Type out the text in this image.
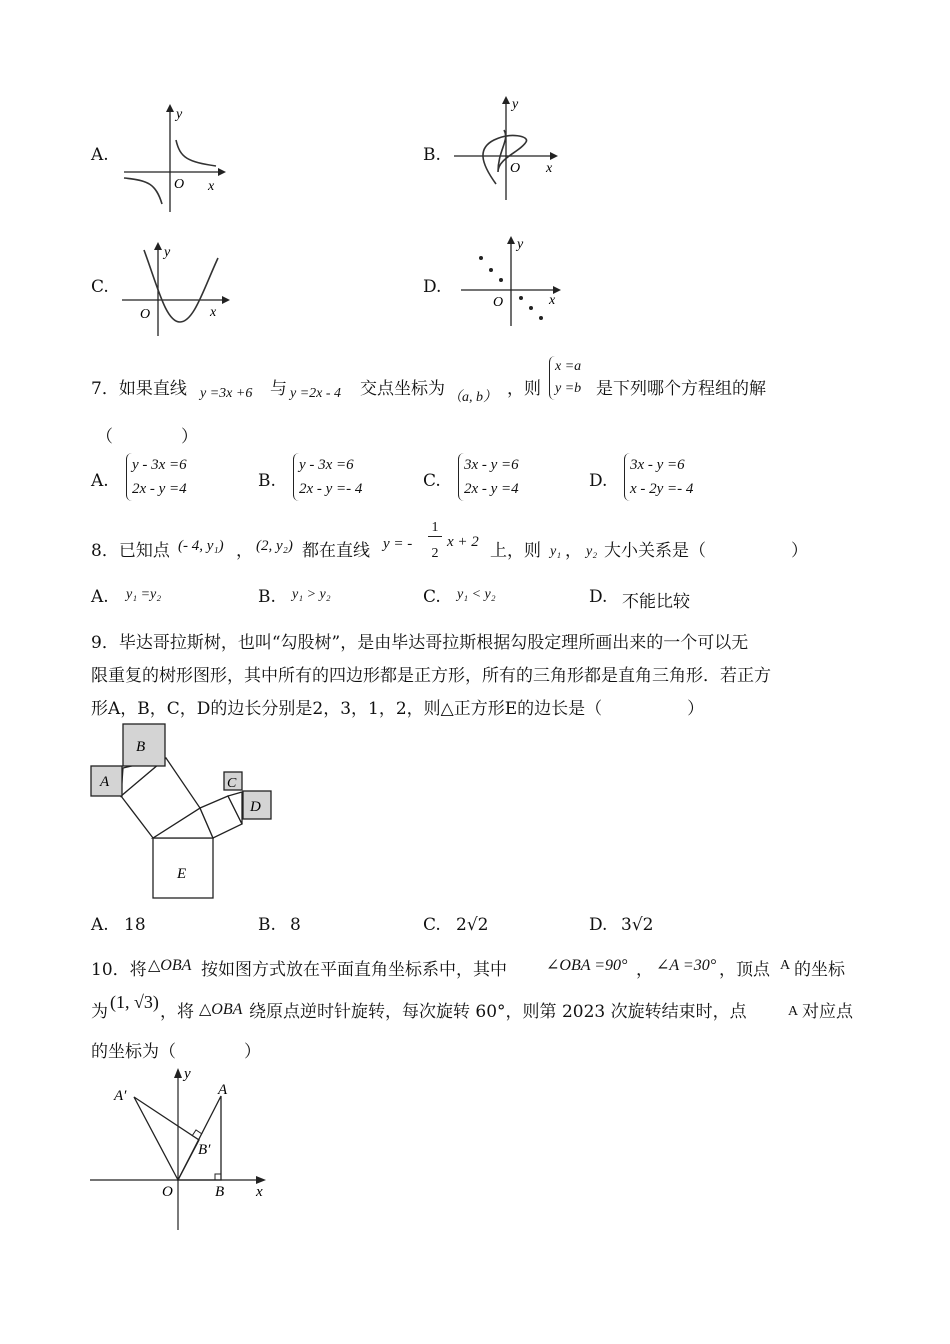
A.
y
x
O
B.
y
x
O
C.
y
x
O
D.
y
x
O
7．如果直线 y =3x +6 与 y =2x - 4 交点坐标为 （a, b） ，则
x =a
y =b 是下列哪个方程组的解
（　　　　）
A.
y - 3x =6
2x - y =4	B.
y - 3x =6
2x - y =- 4	C.
3x - y =6
2x - y =4	D.
3x - y =6
x - 2y =- 4
8．已知点 (- 4, y₁) ， (2, y₂) 都在直线 y = -
1
2
x + 2 上，则 y₁ ， y₂ 大小关系是（　　　　　）
A. y₁ =y₂	B. y₁ > y₂	C. y₁ < y₂	D. 不能比较
9．毕达哥拉斯树，也叫“勾股树”，是由毕达哥拉斯根据勾股定理所画出来的一个可以无
限重复的树形图形，其中所有的四边形都是正方形，所有的三角形都是直角三角形．若正方
形A，B，C，D的边长分别是2，3，1，2，则△正方形E的边长是（　　　　　）
A
B
C
D
E
A. 18	B. 8	C. 2√2	D. 3√2
10．将 △OBA 按如图方式放在平面直角坐标系中，其中 ∠OBA =90° ， ∠A =30° ，顶点 A 的坐标
为 (1, √3) ，将 △OBA 绕原点逆时针旋转，每次旋转 60°，则第 2023 次旋转结束时，点	A 对应点
的坐标为（　　　　）
A′	A
B′
O	B
y
x
